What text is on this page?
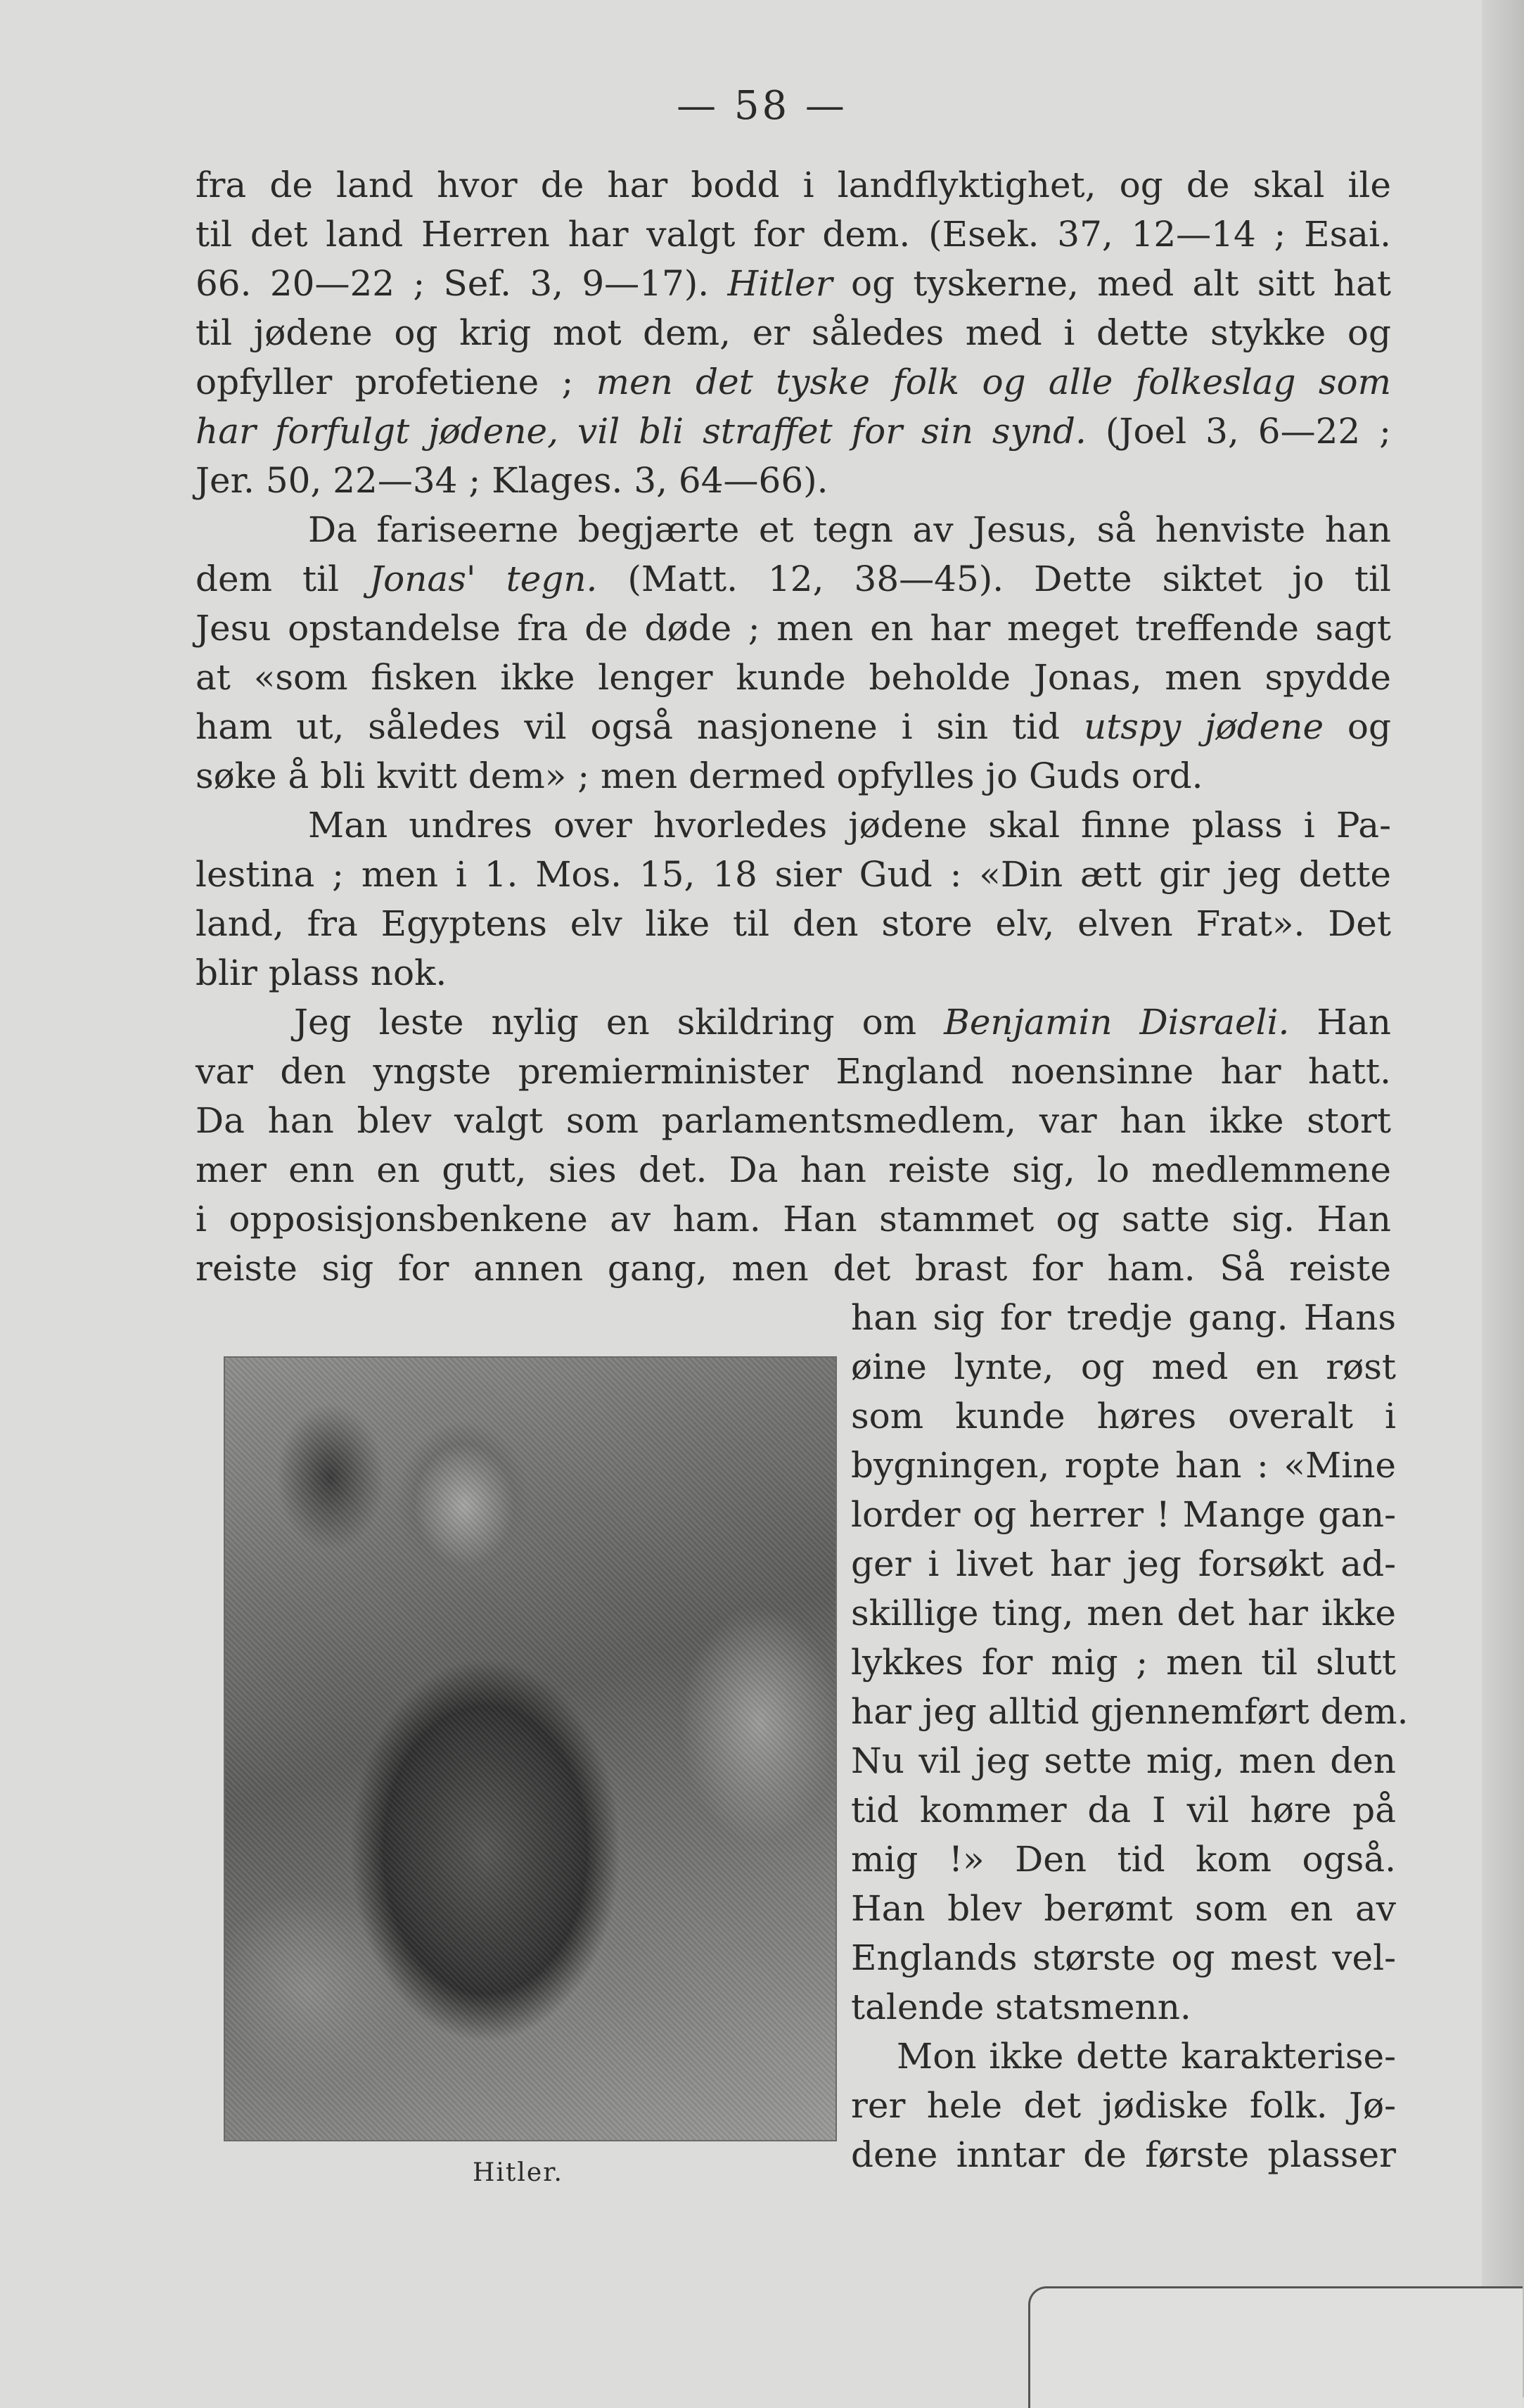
— 58 —
fra de land hvor de har bodd i landflyktighet, og de skal ile
til det land Herren har valgt for dem. (Esek. 37, 12—14 ; Esai.
66. 20—22 ; Sef. 3, 9—17). Hitler og tyskerne, med alt sitt hat
til jødene og krig mot dem, er således med i dette stykke og
opfyller profetiene ; men det tyske folk og alle folkeslag som
har forfulgt jødene, vil bli straffet for sin synd. (Joel 3, 6—22 ;
Jer. 50, 22—34 ; Klages. 3, 64—66).
Da fariseerne begjærte et tegn av Jesus, så henviste han
dem til Jonas' tegn. (Matt. 12, 38—45). Dette siktet jo til
Jesu opstandelse fra de døde ; men en har meget treffende sagt
at «som fisken ikke lenger kunde beholde Jonas, men spydde
ham ut, således vil også nasjonene i sin tid utspy jødene og
søke å bli kvitt dem» ; men dermed opfylles jo Guds ord.
Man undres over hvorledes jødene skal finne plass i Pa-
lestina ; men i 1. Mos. 15, 18 sier Gud : «Din ætt gir jeg dette
land, fra Egyptens elv like til den store elv, elven Frat». Det
blir plass nok.
Jeg leste nylig en skildring om Benjamin Disraeli. Han
var den yngste premierminister England noensinne har hatt.
Da han blev valgt som parlamentsmedlem, var han ikke stort
mer enn en gutt, sies det. Da han reiste sig, lo medlemmene
i opposisjonsbenkene av ham. Han stammet og satte sig. Han
reiste sig for annen gang, men det brast for ham. Så reiste
han sig for tredje gang. Hans
øine lynte, og med en røst
som kunde høres overalt i
bygningen, ropte han : «Mine
lorder og herrer ! Mange gan-
ger i livet har jeg forsøkt ad-
skillige ting, men det har ikke
lykkes for mig ; men til slutt
har jeg alltid gjennemført dem.
Nu vil jeg sette mig, men den
tid kommer da I vil høre på
mig !» Den tid kom også.
Han blev berømt som en av
Englands største og mest vel-
talende statsmenn.
Mon ikke dette karakterise-
rer hele det jødiske folk. Jø-
dene inntar de første plasser
Hitler.
